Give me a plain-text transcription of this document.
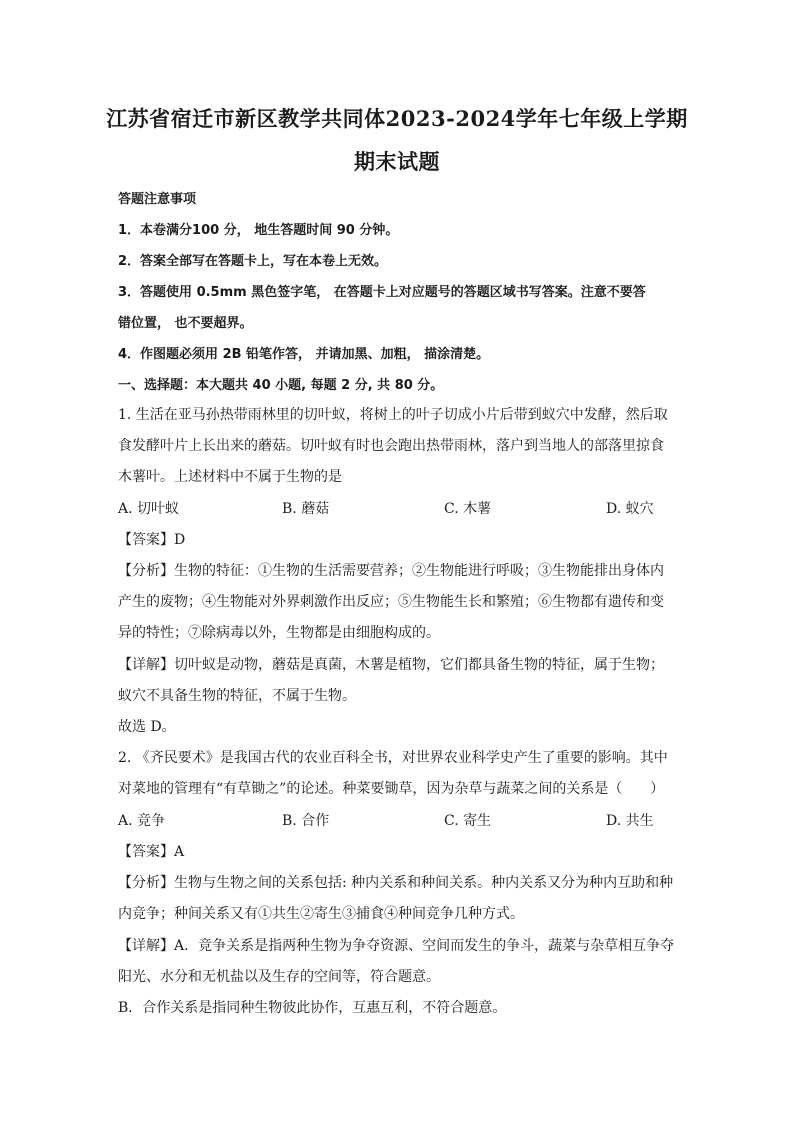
江苏省宿迁市新区教学共同体2023-2024学年七年级上学期
期末试题
答题注意事项
1．本卷满分100 分， 地生答题时间 90 分钟。
2．答案全部写在答题卡上，写在本卷上无效。
3．答题使用 0.5mm 黑色签字笔， 在答题卡上对应题号的答题区域书写答案。注意不要答
错位置， 也不要超界。
4．作图题必须用 2B 铅笔作答， 并请加黑、加粗， 描涂清楚。
一、选择题：本大题共 40 小题, 每题 2 分, 共 80 分。
1. 生活在亚马孙热带雨林里的切叶蚁，将树上的叶子切成小片后带到蚁穴中发酵，然后取
食发酵叶片上长出来的蘑菇。切叶蚁有时也会跑出热带雨林，落户到当地人的部落里掠食
木薯叶。上述材料中不属于生物的是
A. 切叶蚁	B. 蘑菇	C. 木薯	D. 蚁穴
【答案】D
【分析】生物的特征：①生物的生活需要营养；②生物能进行呼吸；③生物能排出身体内
产生的废物；④生物能对外界刺激作出反应；⑤生物能生长和繁殖；⑥生物都有遗传和变
异的特性；⑦除病毒以外，生物都是由细胞构成的。
【详解】切叶蚁是动物，蘑菇是真菌，木薯是植物，它们都具备生物的特征，属于生物；
蚁穴不具备生物的特征，不属于生物。
故选 D。
2. 《齐民要术》是我国古代的农业百科全书，对世界农业科学史产生了重要的影响。其中
对菜地的管理有“有草锄之”的论述。种菜要锄草，因为杂草与蔬菜之间的关系是（　　）
A. 竞争	B. 合作	C. 寄生	D. 共生
【答案】A
【分析】生物与生物之间的关系包括: 种内关系和种间关系。种内关系又分为种内互助和种
内竞争；种间关系又有①共生②寄生③捕食④种间竞争几种方式。
【详解】A．竞争关系是指两种生物为争夺资源、空间而发生的争斗，蔬菜与杂草相互争夺
阳光、水分和无机盐以及生存的空间等，符合题意。
B．合作关系是指同种生物彼此协作，互惠互利，不符合题意。
